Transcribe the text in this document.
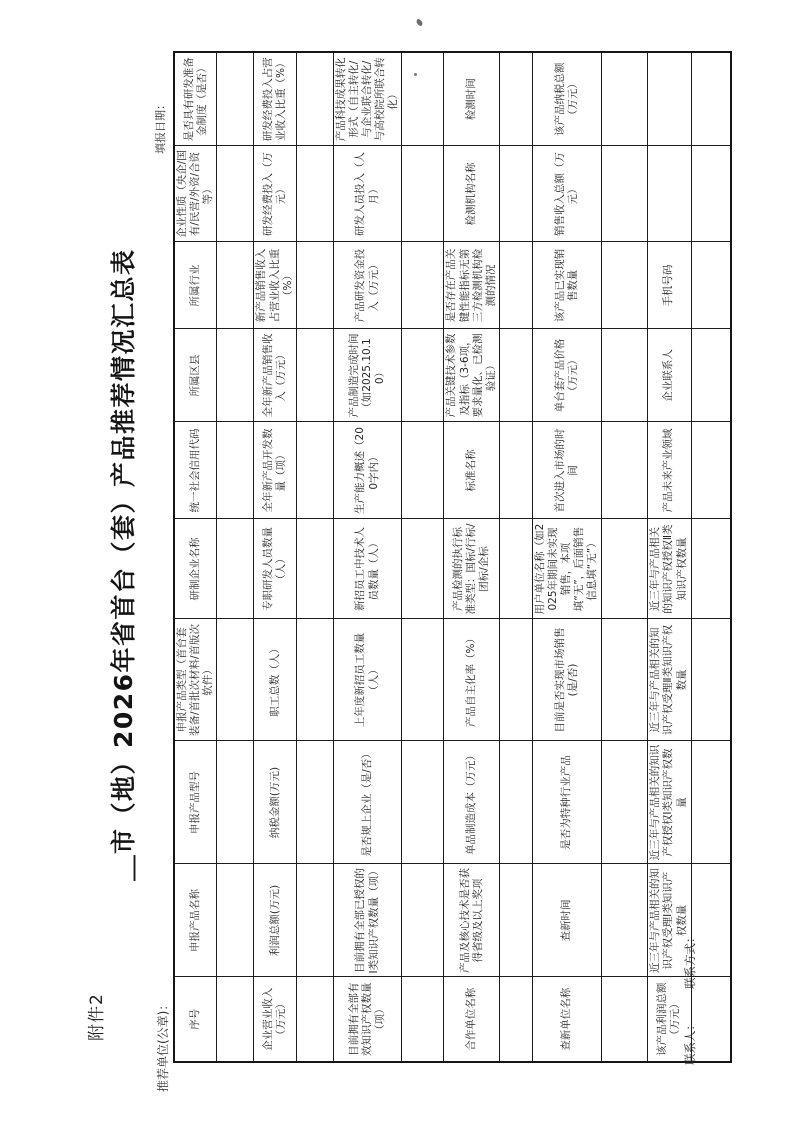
附件2
＿市（地）2026年省首台（套）产品推荐情况汇总表
推荐单位(公章)：
填报日期：
序号	申报产品名称	申报产品型号	申报产品类型（首台套装备/首批次材料/首版次软件）	研制企业名称	统一社会信用代码	所属区县	所属行业	企业性质（央企/国有/民营/外资/合资等）	是否具有研发准备金制度（是否）

企业营业收入（万元）	利润总额(万元)	纳税金额(万元)	职工总数（人）	专职研发人员数量（人）	全年新产品开发数量（项）	全年新产品销售收入（万元）	新产品销售收入占营业收入比重（%）	研发经费投入（万元）	研发经费投入占营业收入比重（%）

目前拥有全部有效知识产权数量（项）	目前拥有全部已授权的Ⅰ类知识产权数量（项）	是否规上企业（是/否）	上年度新招员工数量（人）	新招员工中技术人员数量（人）	生产能力概述（200字内）	产品制造完成时间（如2025.10.10）	产品研发资金投入（万元）	研发人员投入（人月）	产品科技成果转化形式（自主转化/与企业联合转化/与高校院所联合转化）

合作单位名称	产品及核心技术是否获得省级及以上奖项	单品制造成本（万元）	产品自主化率（%）	产品检测的执行标准类型：国标/行标/团标/企标	标准名称	产品关键技术参数及指标（3-6项，要求量化、已检测验证）	是否存在产品关键性能指标无第三方检测机构检测的情况	检测机构名称	检测时间

查新单位名称	查新时间	是否为特种行业产品	目前是否实现市场销售(是/否)	用户单位名称（如2025年期间未实现销售，本项填“无”，后面销售信息填“无”）	首次进入市场的时间	单台套产品价格（万元）	该产品已实现销售数量	销售收入总额（万元）	该产品纳税总额（万元）

该产品利润总额（万元）	近三年与产品相关的知识产权受理Ⅰ类知识产权数量	近三年与产品相关的知识产权授权Ⅰ类知识产权数量	近三年与产品相关的知识产权受理Ⅱ类知识产权数量	近三年与产品相关的知识产权授权Ⅱ类知识产权数量	产品未来产业领域	企业联系人	手机号码		

联系人：
联系方式：
